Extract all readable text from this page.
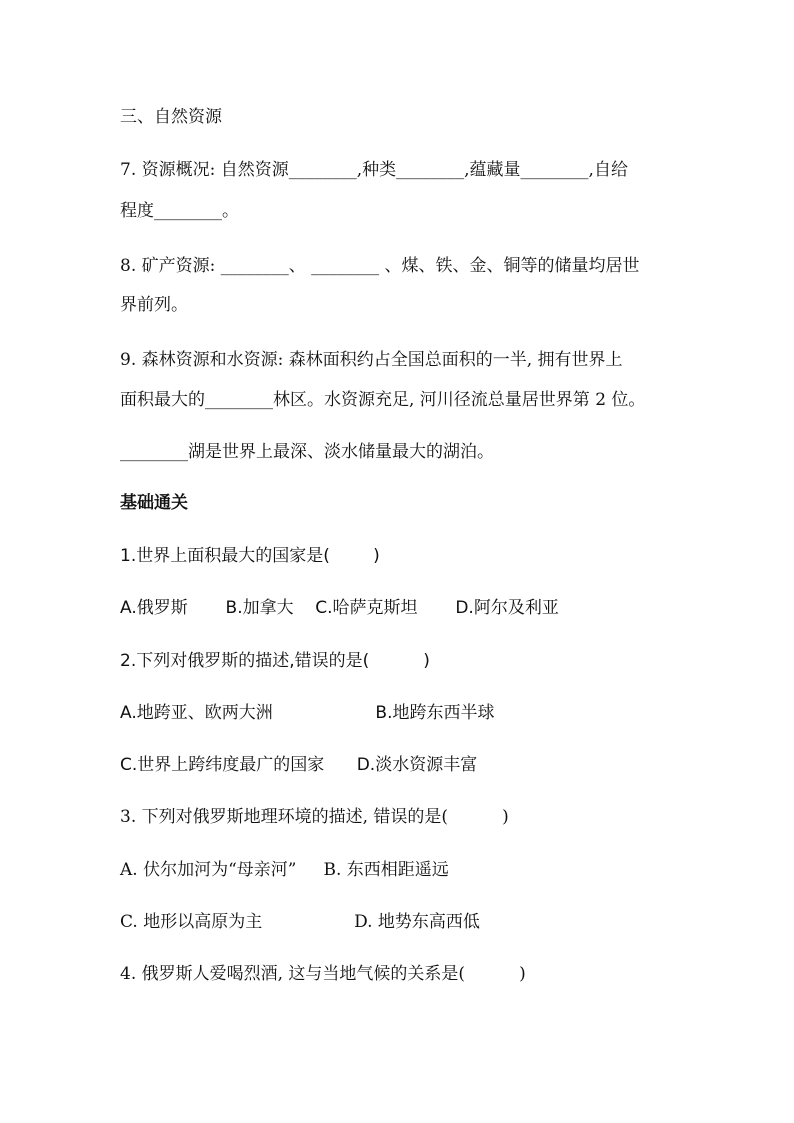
三、自然资源

7. 资源概况: 自然资源________,种类________,蕴藏量________,自给

程度________。

8. 矿产资源: ________、 ________ 、煤、铁、金、铜等的储量均居世

界前列。

9. 森林资源和水资源: 森林面积约占全国总面积的一半, 拥有世界上

面积最大的________林区。水资源充足, 河川径流总量居世界第 2 位。

________湖是世界上最深、淡水储量最大的湖泊。

基础通关

1.世界上面积最大的国家是(        )

A.俄罗斯       B.加拿大    C.哈萨克斯坦       D.阿尔及利亚

2.下列对俄罗斯的描述,错误的是(          )

A.地跨亚、欧两大洲                   B.地跨东西半球

C.世界上跨纬度最广的国家      D.淡水资源丰富

3. 下列对俄罗斯地理环境的描述, 错误的是(          )

A. 伏尔加河为“母亲河”     B. 东西相距遥远

C. 地形以高原为主                 D. 地势东高西低

4. 俄罗斯人爱喝烈酒, 这与当地气候的关系是(          )
